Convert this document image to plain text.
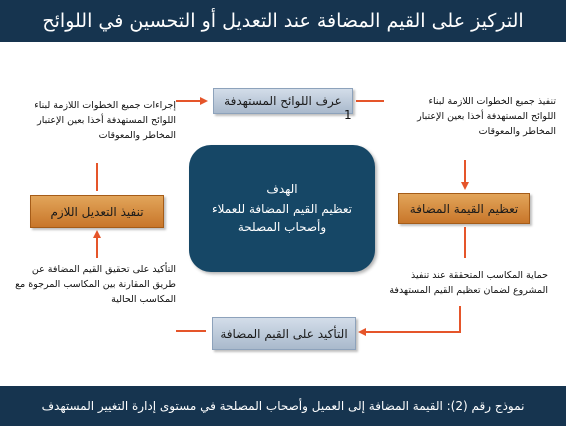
التركيز على القيم المضافة عند التعديل أو التحسين في اللوائح
عرف اللوائح المستهدفة
1
تعظيم القيمة المضافة
التأكيد على القيم المضافة
تنفيذ التعديل اللازم
الهدف
تعظيم القيم المضافة للعملاء
وأصحاب المصلحة
تنفيذ جميع الخطوات اللازمة لبناء
اللوائح المستهدفة أخذا بعين الإعتبار
المخاطر والمعوقات
إجراءات جميع الخطوات اللازمة لبناء
اللوائح المستهدفة أخذا بعين الإعتبار
المخاطر والمعوقات
حماية المكاسب المتحققة عند تنفيذ
المشروع لضمان تعظيم القيم المستهدفة
التأكيد على تحقيق القيم المضافة عن
طريق المقارنة بين المكاسب المرجوة مع
المكاسب الحالية
نموذج رقم (2): القيمة المضافة إلى العميل وأصحاب المصلحة في مستوى إدارة التغيير المستهدف
